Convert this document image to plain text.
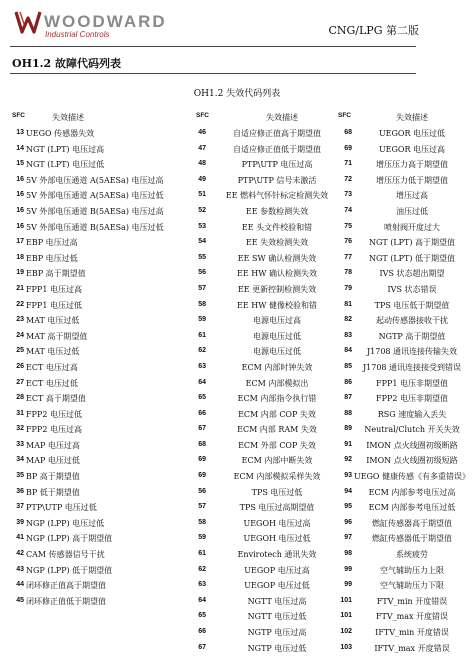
WOODWARD
Industrial Controls	CNG/LPG 第二版
OH1.2 故障代码列表
OH1.2 失效代码列表
SFC	失效描述
13 UEGO 传感器失效
14 NGT (LPT) 电压过高
15 NGT (LPT) 电压过低
16 5V 外部电压通道 A(5AESa) 电压过高
16 5V 外部电压通道 A(5AESa) 电压过低
16 5V 外部电压通道 B(5AESa) 电压过高
16 5V 外部电压通道 B(5AESa) 电压过低
17 EBP 电压过高
18 EBP 电压过低
19 EBP 高于期望值
21 FPP1 电压过高
22 FPP1 电压过低
23 MAT 电压过低
24 MAT 高于期望值
25 MAT 电压过低
26 ECT 电压过高
27 ECT 电压过低
28 ECT 高于期望值
31 FPP2 电压过低
32 FPP2 电压过高
33 MAP 电压过高
34 MAP 电压过低
35 BP 高于期望值
36 BP 低于期望值
37 PTP\UTP 电压过低
39 NGP (LPP) 电压过低
41 NGP (LPP) 高于期望值
42 CAM 传感器信号干扰
43 NGP (LPP) 低于期望值
44 闭环修正值高于期望值
45 闭环修正值低于期望值
SFC	失效描述
46	自适应修正值高于期望值
47	自适应修正值低于期望值
48	PTP\UTP 电压过高
49	PTP\UTP 信号未激活
51	EE 燃料气怀针标定检测失效
52	EE 参数检测失效
53	EE 头文件校验和错
54	EE 失效检测失效
55	EE SW 确认检测失效
56	EE HW 确认检测失效
57	EE 更新控制检测失效
58	EE HW 健像校验和错
59	电源电压过高
61	电源电压过低
62	电源电压过低
63	ECM 内部时钟失效
64	ECM 内部模拟出
65	ECM 内部指令执行错
66	ECM 内部 COP 失效
67	ECM 内部 RAM 失效
68	ECM 外部 COP 失效
69	ECM 内部中断失效
69	ECM 内部模拟采样失效
56	TPS 电压过低
57	TPS 电压过高期望值
58	UEGOH 电压过高
59	UEGOH 电压过低
61	Envirotech 通讯失效
62	UEGOP 电压过高
63	UEGOP 电压过低
64	NGTT 电压过高
65	NGTT 电压过低
66	NGTP 电压过高
67	NGTP 电压过低
SFC	失效描述
68	UEGOR 电压过低
69	UEGOR 电压过高
71	增压压力高于期望值
72	增压压力低于期望值
73	增压过高
74	油压过低
75	喷射阀开度过大
76	NGT (LPT) 高于期望值
77	NGT (LPT) 低于期望值
78	IVS 状态超出期望
79	IVS 状态错误
81	TPS 电压低于期望值
82	起动传感器接收干扰
83	NGTP 高于期望值
84	J1708 通讯连接传输失效
85	J1708 通讯连接接受到错误
86	FPP1 电压非期望值
87	FPP2 电压非期望值
88	RSG 速度输入丢失
89	Neutral/Clutch 开关失效
91	IMON 点火线圈初级断路
92	IMON 点火线圈初级短路
93 UEGO 健康传感《有多重错误》
94	ECM 内部参考电压过高
95	ECM 内部参考电压过低
96	燃缸传感器高于期望值
97	燃缸传感器低于期望值
98	系统疲劳
99	空气辅助压力上限
99	空气辅助压力下限
101	FTV_min 开度错误
101	FTV_max 开度错误
102	IFTV_min 开度错误
103	IFTV_max 开度错误
